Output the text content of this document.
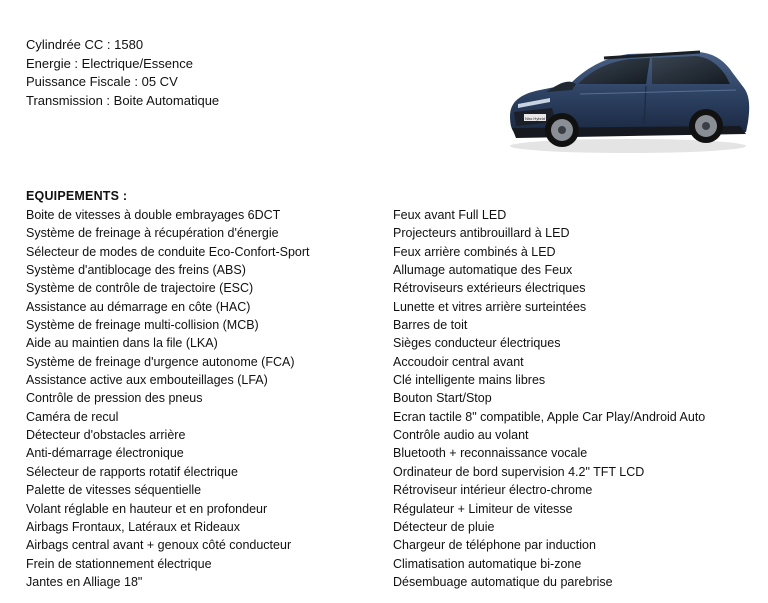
Cylindrée CC : 1580
Energie : Electrique/Essence
Puissance Fiscale : 05 CV
Transmission : Boite Automatique
Niro Hybrid
EQUIPEMENTS :
Boite de vitesses à double embrayages 6DCT
Système de freinage à récupération d'énergie
Sélecteur de modes de conduite Eco-Confort-Sport
Système d'antiblocage des freins (ABS)
Système de contrôle de trajectoire (ESC)
Assistance au démarrage en côte (HAC)
Système de freinage multi-collision (MCB)
Aide au maintien dans la file (LKA)
Système de freinage d'urgence autonome (FCA)
Assistance active aux embouteillages (LFA)
Contrôle de pression des pneus
Caméra de recul
Détecteur d'obstacles arrière
Anti-démarrage électronique
Sélecteur de rapports rotatif électrique
Palette de vitesses séquentielle
Volant réglable en hauteur et en profondeur
Airbags Frontaux, Latéraux et Rideaux
Airbags central avant + genoux côté conducteur
Frein de stationnement électrique
Jantes en Alliage 18"
Feux avant Full LED
Projecteurs antibrouillard à LED
Feux arrière combinés à LED
Allumage automatique des Feux
Rétroviseurs extérieurs électriques
Lunette et vitres arrière surteintées
Barres de toit
Sièges conducteur électriques
Accoudoir central avant
Clé intelligente mains libres
Bouton Start/Stop
Ecran tactile 8" compatible, Apple Car Play/Android Auto
Contrôle audio au volant
Bluetooth + reconnaissance vocale
Ordinateur de bord supervision 4.2" TFT LCD
Rétroviseur intérieur électro-chrome
Régulateur + Limiteur de vitesse
Détecteur de pluie
Chargeur de téléphone par induction
Climatisation automatique bi-zone
Désembuage automatique du parebrise
